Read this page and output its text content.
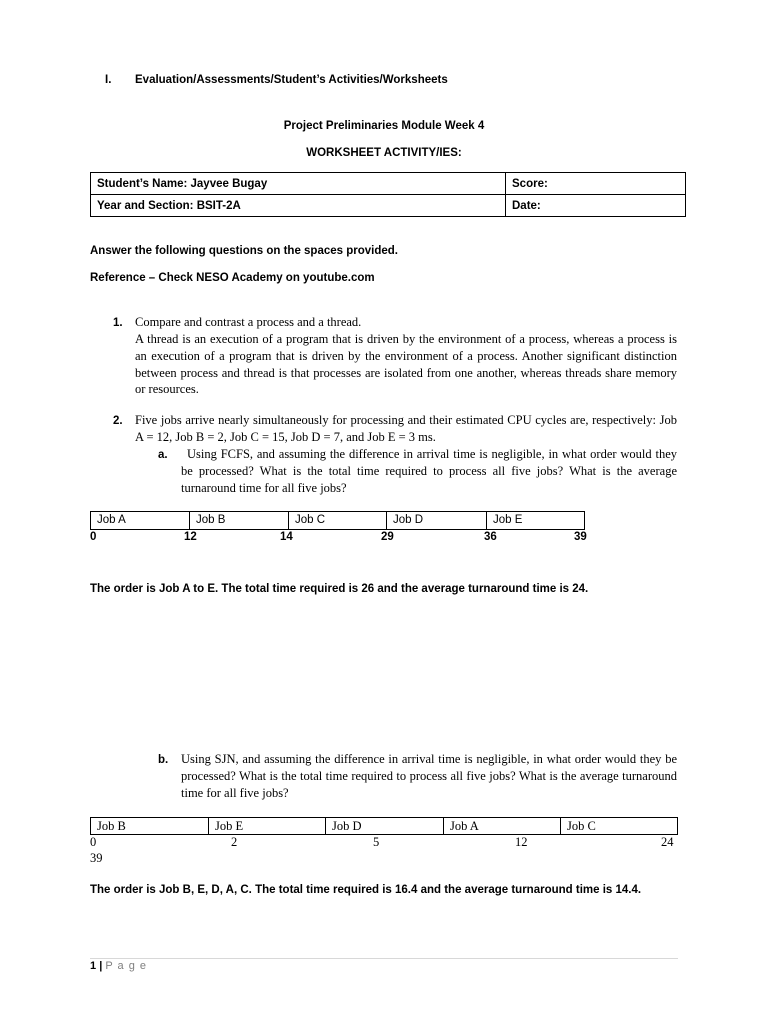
I. Evaluation/Assessments/Student’s Activities/Worksheets
Project Preliminaries Module Week 4
WORKSHEET ACTIVITY/IES:
Student’s Name: Jayvee Bugay	Score:
Year and Section: BSIT-2A	Date:
Answer the following questions on the spaces provided.
Reference – Check NESO Academy on youtube.com
1. Compare and contrast a process and a thread.
A thread is an execution of a program that is driven by the environment of a process, whereas a process is an execution of a program that is driven by the environment of a process. Another significant distinction between process and thread is that processes are isolated from one another, whereas threads share memory or resources.
2. Five jobs arrive nearly simultaneously for processing and their estimated CPU cycles are, respectively: Job A = 12, Job B = 2, Job C = 15, Job D = 7, and Job E = 3 ms.
a.	Using FCFS, and assuming the difference in arrival time is negligible, in what order would they be processed? What is the total time required to process all five jobs? What is the average turnaround time for all five jobs?
Job A	Job B	Job C	Job D	Job E
0	12	14	29	36	39
The order is Job A to E. The total time required is 26 and the average turnaround time is 24.
b. Using SJN, and assuming the difference in arrival time is negligible, in what order would they be processed? What is the total time required to process all five jobs? What is the average turnaround time for all five jobs?
Job B	Job E	Job D	Job A	Job C
0	2	5	12	24
39
The order is Job B, E, D, A, C. The total time required is 16.4 and the average turnaround time is 14.4.
1 | P a g e
